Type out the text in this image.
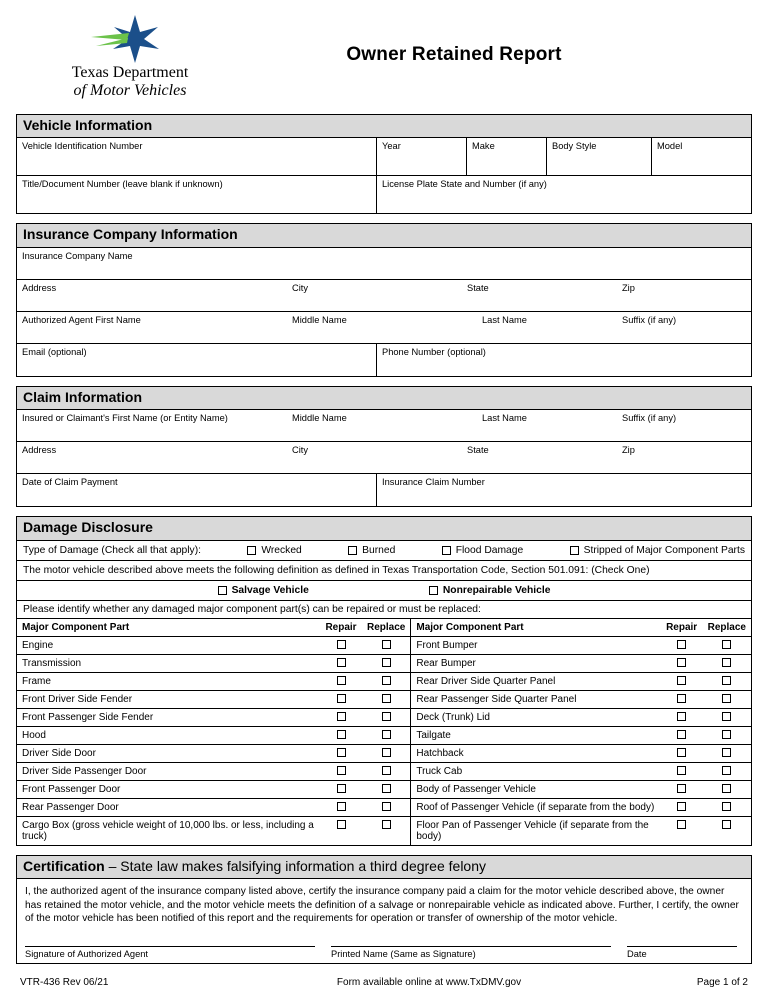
Texas Department
of Motor Vehicles
Owner Retained Report
Vehicle Information
Vehicle Identification Number	Year	Make	Body Style	Model
Title/Document Number (leave blank if unknown)	License Plate State and Number (if any)
Insurance Company Information
Insurance Company Name
Address	City	State	Zip
Authorized Agent First Name	Middle Name	Last Name	Suffix (if any)
Email (optional)	Phone Number (optional)
Claim Information
Insured or Claimant's First Name (or Entity Name)	Middle Name	Last Name	Suffix (if any)
Address	City	State	Zip
Date of Claim Payment	Insurance Claim Number
Damage Disclosure
Type of Damage (Check all that apply):	Wrecked	Burned	Flood Damage	Stripped of Major Component Parts
The motor vehicle described above meets the following definition as defined in Texas Transportation Code, Section 501.091: (Check One)
Salvage Vehicle	Nonrepairable Vehicle
Please identify whether any damaged major component part(s) can be repaired or must be replaced:
Major Component Part	Repair	Replace	Major Component Part	Repair	Replace
Engine			Front Bumper		
Transmission			Rear Bumper		
Frame			Rear Driver Side Quarter Panel		
Front Driver Side Fender			Rear Passenger Side Quarter Panel		
Front Passenger Side Fender			Deck (Trunk) Lid		
Hood			Tailgate		
Driver Side Door			Hatchback		
Driver Side Passenger Door			Truck Cab		
Front Passenger Door			Body of Passenger Vehicle		
Rear Passenger Door			Roof of Passenger Vehicle (if separate from the body)		
Cargo Box (gross vehicle weight of 10,000 lbs. or less, including a truck)			Floor Pan of Passenger Vehicle (if separate from the body)		
Certification – State law makes falsifying information a third degree felony
I, the authorized agent of the insurance company listed above, certify the insurance company paid a claim for the motor vehicle described above, the owner has retained the motor vehicle, and the motor vehicle meets the definition of a salvage or nonrepairable vehicle as indicated above. Further, I certify, the owner of the motor vehicle has been notified of this report and the requirements for operation or transfer of ownership of the motor vehicle.
Signature of Authorized Agent	Printed Name (Same as Signature)	Date
VTR-436 Rev 06/21	Form available online at www.TxDMV.gov	Page 1 of 2
